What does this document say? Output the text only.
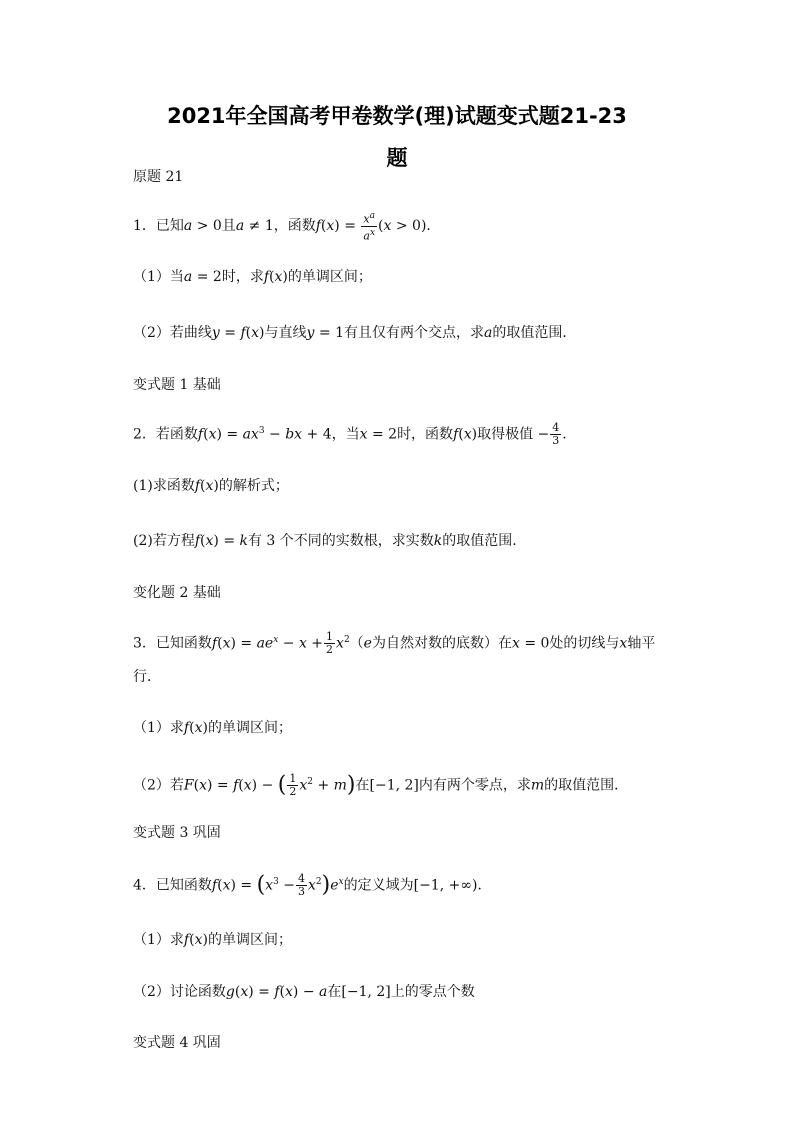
2021年全国高考甲卷数学(理)试题变式题21-23
题
原题 21
1．已知a > 0且a ≠ 1，函数$f(x) = \frac{x^a}{a^x} (x > 0)$．
（1）当a = 2时，求f(x)的单调区间；
（2）若曲线y = f(x)与直线y = 1有且仅有两个交点，求a的取值范围．
变式题 1 基础
2．若函数$f(x) = ax^3$ − bx + 4，当x = 2时，函数f(x)取得极值 − $\frac{4}{3}$ .
(1)求函数f(x)的解析式；
(2)若方程f(x) = k有 3 个不同的实数根，求实数k的取值范围.
变化题 2 基础
3．已知函数$f(x) = ae^x - x + \frac{1}{2} x^2(e$为自然对数的底数）在x = 0处的切线与x轴平
行．
（1）求f(x)的单调区间；
（2）若F(x) = f(x) − ( $\frac{1}{2} x^2 + m$)在[−1, 2]内有两个零点，求m的取值范围．
变式题 3 巩固
4．已知函数$f(x) = (x^3 - \frac{4}{3} x^2)e^x$的定义域为[−1, +∞)．
（1）求f(x)的单调区间；
（2）讨论函数g(x) = f(x) − a在[−1, 2]上的零点个数
变式题 4 巩固
